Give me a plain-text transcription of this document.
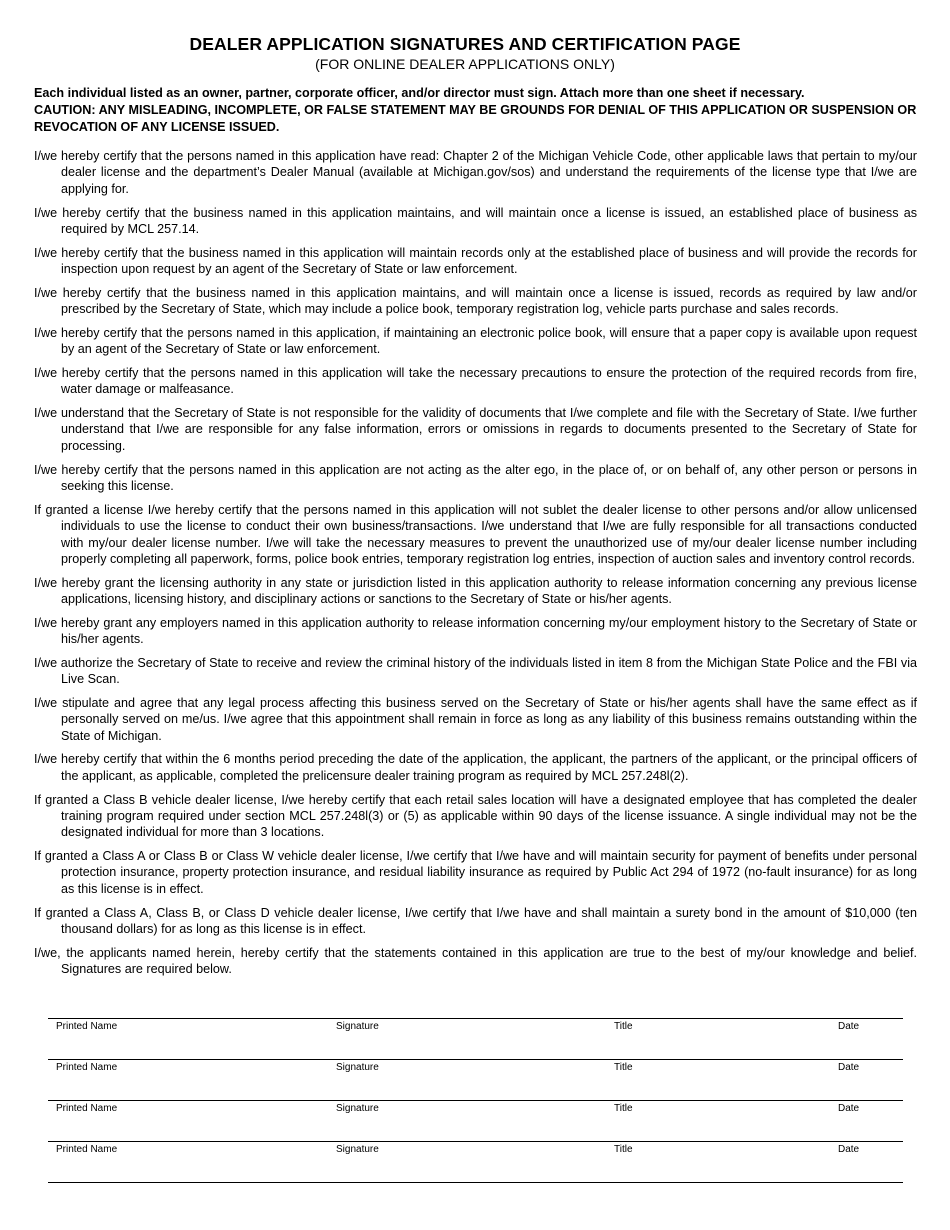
DEALER APPLICATION SIGNATURES AND CERTIFICATION PAGE
(FOR ONLINE DEALER APPLICATIONS ONLY)
Each individual listed as an owner, partner, corporate officer, and/or director must sign. Attach more than one sheet if necessary.
CAUTION: ANY MISLEADING, INCOMPLETE, OR FALSE STATEMENT MAY BE GROUNDS FOR DENIAL OF THIS APPLICATION OR SUSPENSION OR REVOCATION OF ANY LICENSE ISSUED.

I/we hereby certify that the persons named in this application have read: Chapter 2 of the Michigan Vehicle Code, other applicable laws that pertain to my/our dealer license and the department’s Dealer Manual (available at Michigan.gov/sos) and understand the requirements of the license type that I/we are applying for.

I/we hereby certify that the business named in this application maintains, and will maintain once a license is issued, an established place of business as required by MCL 257.14.

I/we hereby certify that the business named in this application will maintain records only at the established place of business and will provide the records for inspection upon request by an agent of the Secretary of State or law enforcement.

I/we hereby certify that the business named in this application maintains, and will maintain once a license is issued, records as required by law and/or prescribed by the Secretary of State, which may include a police book, temporary registration log, vehicle parts purchase and sales records.

I/we hereby certify that the persons named in this application, if maintaining an electronic police book, will ensure that a paper copy is available upon request by an agent of the Secretary of State or law enforcement.

I/we hereby certify that the persons named in this application will take the necessary precautions to ensure the protection of the required records from fire, water damage or malfeasance.

I/we understand that the Secretary of State is not responsible for the validity of documents that I/we complete and file with the Secretary of State. I/we further understand that I/we are responsible for any false information, errors or omissions in regards to documents presented to the Secretary of State for processing.

I/we hereby certify that the persons named in this application are not acting as the alter ego, in the place of, or on behalf of, any other person or persons in seeking this license.

If granted a license I/we hereby certify that the persons named in this application will not sublet the dealer license to other persons and/or allow unlicensed individuals to use the license to conduct their own business/transactions. I/we understand that I/we are fully responsible for all transactions conducted with my/our dealer license number. I/we will take the necessary measures to prevent the unauthorized use of my/our dealer license number including properly completing all paperwork, forms, police book entries, temporary registration log entries, inspection of auction sales and inventory control records.

I/we hereby grant the licensing authority in any state or jurisdiction listed in this application authority to release information concerning any previous license applications, licensing history, and disciplinary actions or sanctions to the Secretary of State or his/her agents.

I/we hereby grant any employers named in this application authority to release information concerning my/our employment history to the Secretary of State or his/her agents.

I/we authorize the Secretary of State to receive and review the criminal history of the individuals listed in item 8 from the Michigan State Police and the FBI via Live Scan.

I/we stipulate and agree that any legal process affecting this business served on the Secretary of State or his/her agents shall have the same effect as if personally served on me/us. I/we agree that this appointment shall remain in force as long as any liability of this business remains outstanding within the State of Michigan.

I/we hereby certify that within the 6 months period preceding the date of the application, the applicant, the partners of the applicant, or the principal officers of the applicant, as applicable, completed the prelicensure dealer training program as required by MCL 257.248l(2).

If granted a Class B vehicle dealer license, I/we hereby certify that each retail sales location will have a designated employee that has completed the dealer training program required under section MCL 257.248l(3) or (5) as applicable within 90 days of the license issuance. A single individual may not be the designated individual for more than 3 locations.

If granted a Class A or Class B or Class W vehicle dealer license, I/we certify that I/we have and will maintain security for payment of benefits under personal protection insurance, property protection insurance, and residual liability insurance as required by Public Act 294 of 1972 (no-fault insurance) for as long as this license is in effect.

If granted a Class A, Class B, or Class D vehicle dealer license, I/we certify that I/we have and shall maintain a surety bond in the amount of $10,000 (ten thousand dollars) for as long as this license is in effect.

I/we, the applicants named herein, hereby certify that the statements contained in this application are true to the best of my/our knowledge and belief. Signatures are required below.

Printed Name	Signature	Title	Date
Printed Name	Signature	Title	Date
Printed Name	Signature	Title	Date
Printed Name	Signature	Title	Date
